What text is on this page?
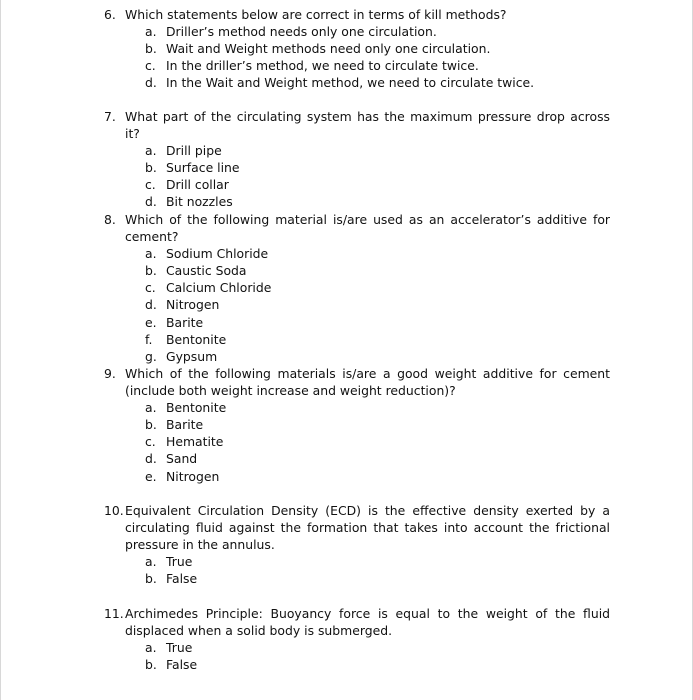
6. Which statements below are correct in terms of kill methods?
a. Driller’s method needs only one circulation.
b. Wait and Weight methods need only one circulation.
c. In the driller’s method, we need to circulate twice.
d. In the Wait and Weight method, we need to circulate twice.
7. What part of the circulating system has the maximum pressure drop across it?
a. Drill pipe
b. Surface line
c. Drill collar
d. Bit nozzles
8. Which of the following material is/are used as an accelerator’s additive for cement?
a. Sodium Chloride
b. Caustic Soda
c. Calcium Chloride
d. Nitrogen
e. Barite
f.	Bentonite
g. Gypsum
9. Which of the following materials is/are a good weight additive for cement (include both weight increase and weight reduction)?
a. Bentonite
b. Barite
c. Hematite
d. Sand
e. Nitrogen
10. Equivalent Circulation Density (ECD) is the effective density exerted by a circulating fluid against the formation that takes into account the frictional pressure in the annulus.
a. True
b. False
11. Archimedes Principle: Buoyancy force is equal to the weight of the fluid displaced when a solid body is submerged.
a. True
b. False
